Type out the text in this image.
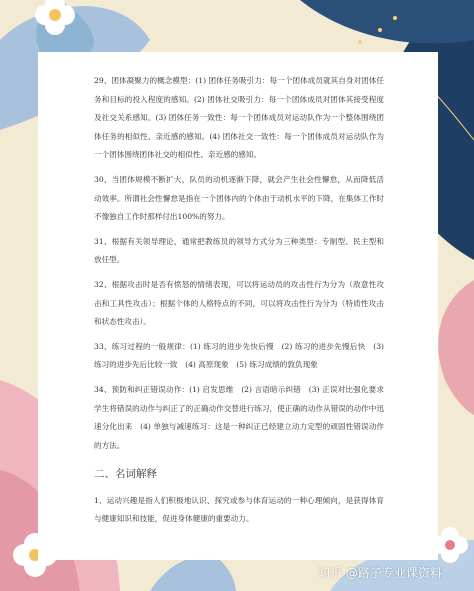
29、团体凝聚力的概念模型：(1) 团体任务吸引力：每一个团体成员就其自身对团体任务和目标的投入程度的感知。(2) 团体社交吸引力：每一个团体成员对团体其接受程度及社交关系感知。(3) 团体任务一致性：每一个团体成员对运动队作为一个整体围绕团体任务的相似性、亲近感的感知。(4) 团体社交一致性：每一个团体成员对运动队作为一个团体围绕团体社交的相似性、亲近感的感知。

30、当团体规模不断扩大，队员的动机逐渐下降，就会产生社会性懈怠，从而降低活动效率。所谓社会性懈怠是指在一个团体内的个体由于动机水平的下降，在集体工作时不像独自工作时那样付出100%的努力。

31、根据有关领导理论，通常把教练员的领导方式分为三种类型：专制型、民主型和放任型。

32、根据攻击时是否有愤怒的情绪表现，可以将运动员的攻击性行为分为（敌意性攻击和工具性攻击）；根据个体的人格特点的不同，可以将攻击性行为分为（特质性攻击和状态性攻击）。

33、练习过程的一般规律：(1) 练习的进步先快后慢　(2) 练习的进步先慢后快　(3) 练习的进步先后比较一致　(4) 高原现象　(5) 练习成绩的敦负现象

34、预防和纠正错误动作：(1) 启发思维　(2) 言语暗示纠错　(3) 正误对比强化要求学生将错误的动作与纠正了的正确动作交替进行练习，使正确的动作从错误的动作中迅速分化出来　(4) 单独与减速练习：这是一种纠正已经建立动力定型的顽固性错误动作的方法。

二、名词解释

1、运动兴趣是指人们积极地认识、探究或参与体育运动的一种心理倾向，是获得体育与健康知识和技能，促进身体健康的重要动力。

知乎 @路子专业课资料
